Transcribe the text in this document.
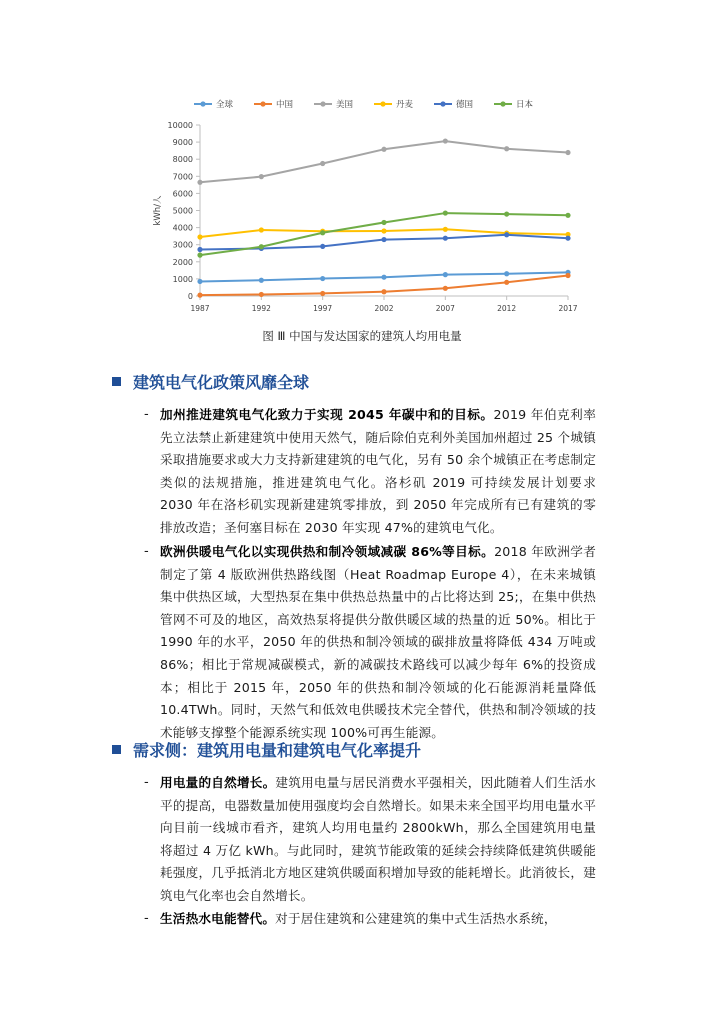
0
1000
2000
3000
4000
5000
6000
7000
8000
9000
10000
1987	1992	1997	2002	2007	2012	2017
kWh/人
全球	中国	美国	丹麦	德国	日本
图 Ⅲ 中国与发达国家的建筑人均用电量
建筑电气化政策风靡全球
- 加州推进建筑电气化致力于实现 2045 年碳中和的目标。2019 年伯克利率先立法禁止新建建筑中使用天然气，随后除伯克利外美国加州超过 25 个城镇采取措施要求或大力支持新建建筑的电气化，另有 50 余个城镇正在考虑制定类似的法规措施，推进建筑电气化。洛杉矶 2019 可持续发展计划要求 2030 年在洛杉矶实现新建建筑零排放，到 2050 年完成所有已有建筑的零排放改造；圣何塞目标在 2030 年实现 47%的建筑电气化。
- 欧洲供暖电气化以实现供热和制冷领域减碳 86%等目标。2018 年欧洲学者制定了第 4 版欧洲供热路线图（Heat Roadmap Europe 4），在未来城镇集中供热区域，大型热泵在集中供热总热量中的占比将达到 25;，在集中供热管网不可及的地区，高效热泵将提供分散供暖区域的热量的近 50%。相比于 1990 年的水平，2050 年的供热和制冷领域的碳排放量将降低 434 万吨或 86%；相比于常规减碳模式，新的减碳技术路线可以减少每年 6%的投资成本；相比于 2015 年，2050 年的供热和制冷领域的化石能源消耗量降低 10.4TWh。同时，天然气和低效电供暖技术完全替代，供热和制冷领域的技术能够支撑整个能源系统实现 100%可再生能源。
需求侧：建筑用电量和建筑电气化率提升
- 用电量的自然增长。建筑用电量与居民消费水平强相关，因此随着人们生活水平的提高，电器数量加使用强度均会自然增长。如果未来全国平均用电量水平向目前一线城市看齐，建筑人均用电量约 2800kWh，那么全国建筑用电量将超过 4 万亿 kWh。与此同时，建筑节能政策的延续会持续降低建筑供暖能耗强度，几乎抵消北方地区建筑供暖面积增加导致的能耗增长。此消彼长，建筑电气化率也会自然增长。
- 生活热水电能替代。对于居住建筑和公建建筑的集中式生活热水系统，
